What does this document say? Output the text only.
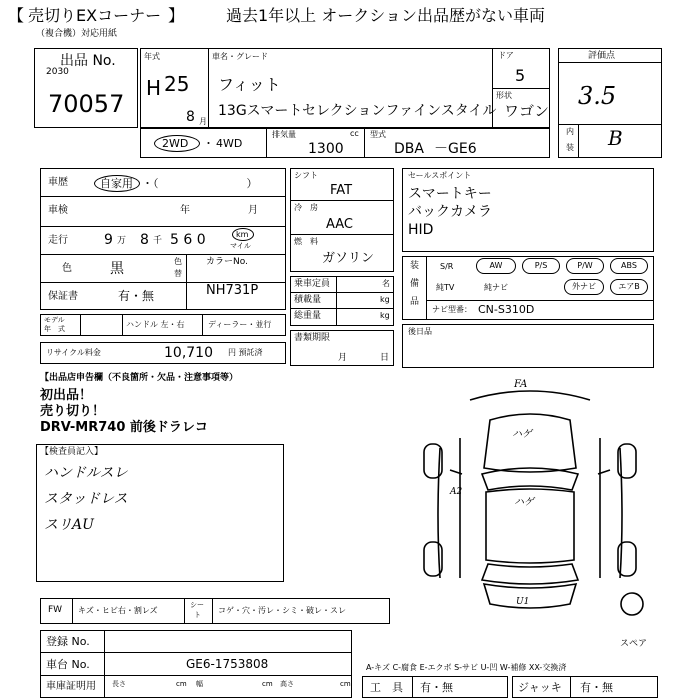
【 売切りEXコーナー 】	過去1年以上 オークション出品歴がない車両
（複合機）対応用紙
出品 No.
2030
70057
年式
H 25
8 月
車名・グレード
フィット
13Gスマートセレクションファインスタイル
ドア
5
形状
ワゴン
2WD ・ 4WD
排気量
1300
cc 型式
DBA －GE6
評価点
3.5
内
装 B
車歴	自家用 ・（　　　　　　　　）
車検	年	月
走行	9 万 8 千 5 6 0	km
マイル
色	黒	色
替
保証書	有・無
カラーNo.
NH731P
モデル
年　式	ハンドル 左・右	ディーラー・並行
リサイクル料金	10,710 円 預託済
シフト
FAT
冷　房
AAC
燃　料
ガソリン
乗車定員	名
積載量	kg
総重量	kg
書類期限
月	日
セールスポイント
スマートキー
バックカメラ
HID
装
備
品
S/R	AW	P/S	P/W	ABS
純TV	純ナビ	外ナビ	エアB
ナビ型番： CN-S310D
後日品
【出品店申告欄（不良箇所・欠品・注意事項等）
初出品！
売り切り！
DRV-MR740 前後ドラレコ
【検査員記入】
ハンドルスレ
スタッドレス
スリAU
FA
ハゲ
ハゲ
A2
U1
スペア
FW キズ・ヒビ右・割レズ
シー
ト コゲ・穴・汚レ・シミ・破レ・スレ
登録 No.
車台 No.	GE6-1753808
車庫証明用 長さ	cm 幅	cm 高さ	cm
A-キズ C-腐食 E-エクボ S-サビ U-凹 W-補修 XX-交換済
工　具 有・無	ジャッキ 有・無
